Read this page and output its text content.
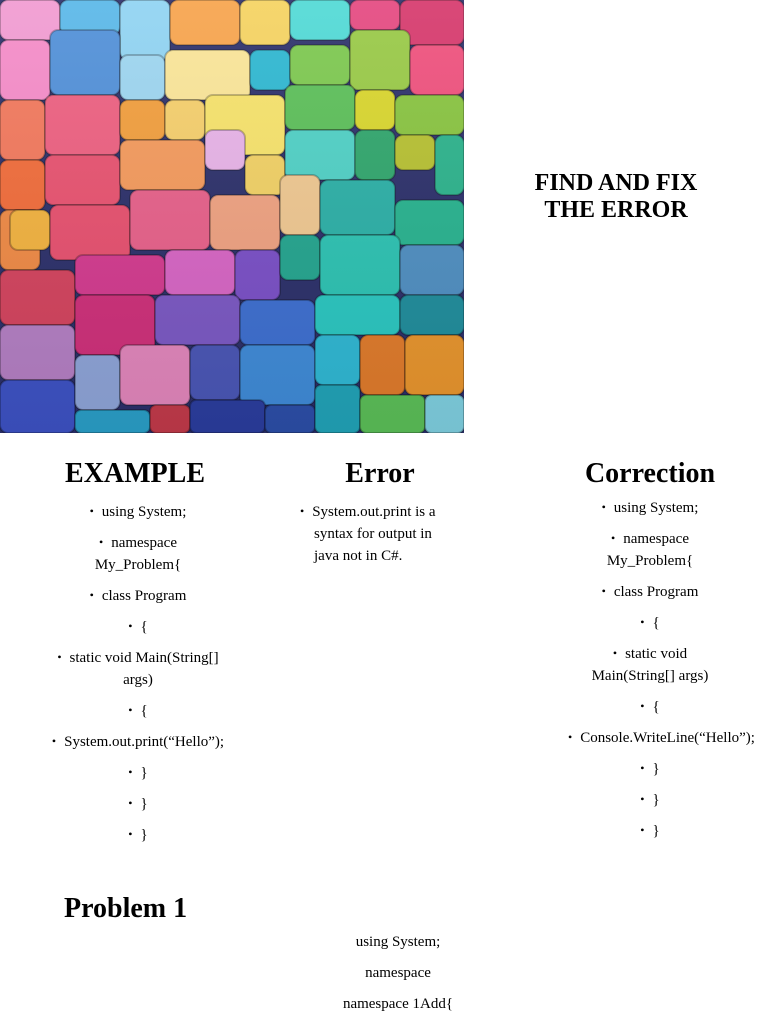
FIND AND FIX
THE ERROR
EXAMPLE
• using System;
• namespace My_Problem{
• class Program
• {
• static void Main(String[] args)
• {
• System.out.print(“Hello”);
• }
• }
• }
Error
• System.out.print is a syntax for output in java not in C#.
Correction
• using System;
• namespace My_Problem{
• class Program
• {
• static void Main(String[] args)
• {
• Console.WriteLine(“Hello”);
• }
• }
• }
Problem 1
using System;
namespace
namespace 1Add{
